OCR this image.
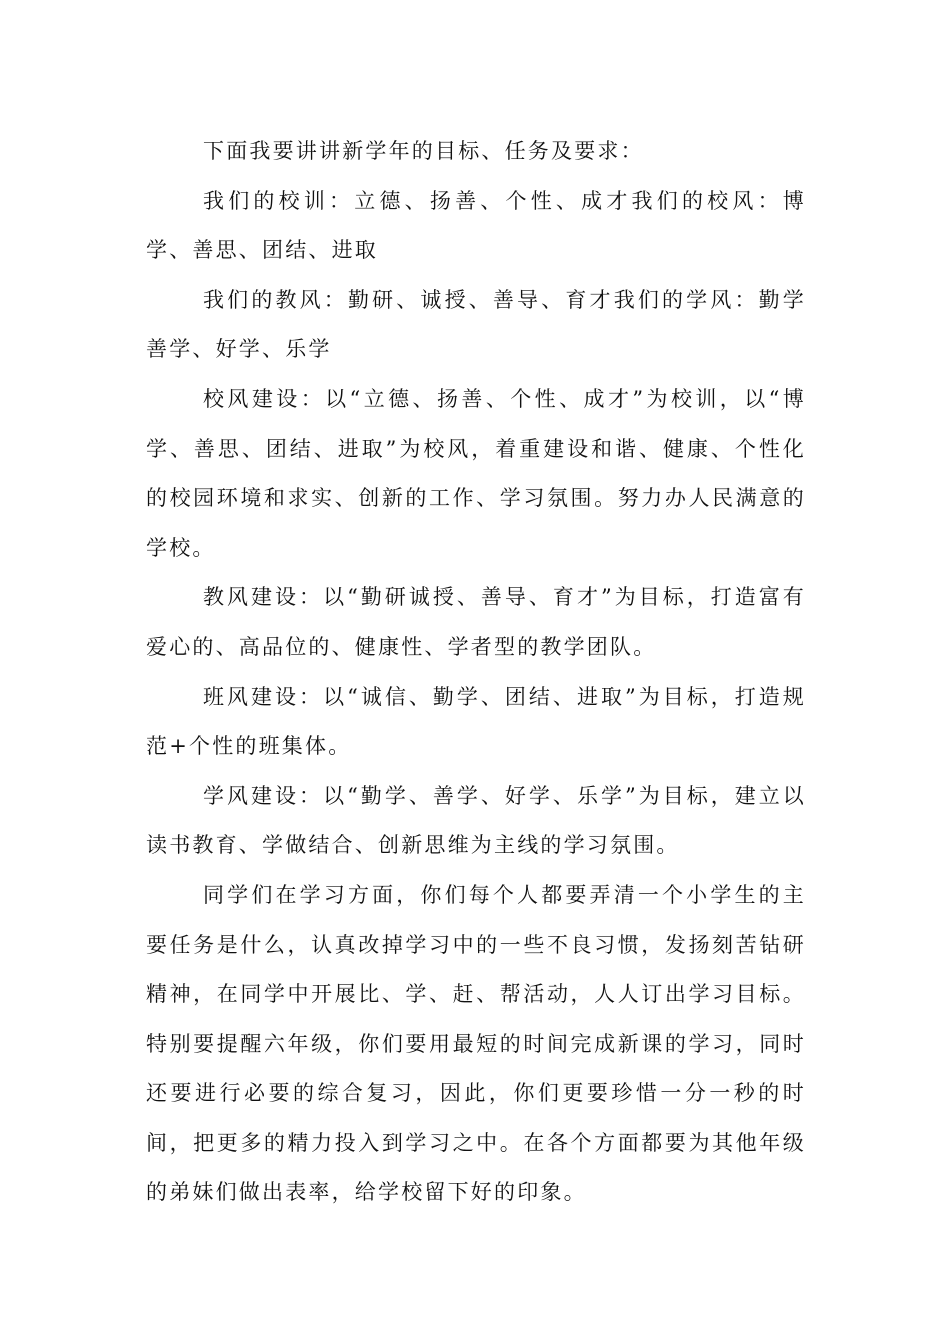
下面我要讲讲新学年的目标、任务及要求：

我们的校训：立德、扬善、个性、成才我们的校风：博学、善思、团结、进取

我们的教风：勤研、诚授、善导、育才我们的学风：勤学善学、好学、乐学

校风建设：以“立德、扬善、个性、成才”为校训，以“博学、善思、团结、进取”为校风，着重建设和谐、健康、个性化的校园环境和求实、创新的工作、学习氛围。努力办人民满意的学校。

教风建设：以“勤研诚授、善导、育才”为目标，打造富有爱心的、高品位的、健康性、学者型的教学团队。

班风建设：以“诚信、勤学、团结、进取”为目标，打造规范+个性的班集体。

学风建设：以“勤学、善学、好学、乐学”为目标，建立以读书教育、学做结合、创新思维为主线的学习氛围。

同学们在学习方面，你们每个人都要弄清一个小学生的主要任务是什么，认真改掉学习中的一些不良习惯，发扬刻苦钻研精神，在同学中开展比、学、赶、帮活动，人人订出学习目标。特别要提醒六年级，你们要用最短的时间完成新课的学习，同时还要进行必要的综合复习，因此，你们更要珍惜一分一秒的时间，把更多的精力投入到学习之中。在各个方面都要为其他年级的弟妹们做出表率，给学校留下好的印象。
